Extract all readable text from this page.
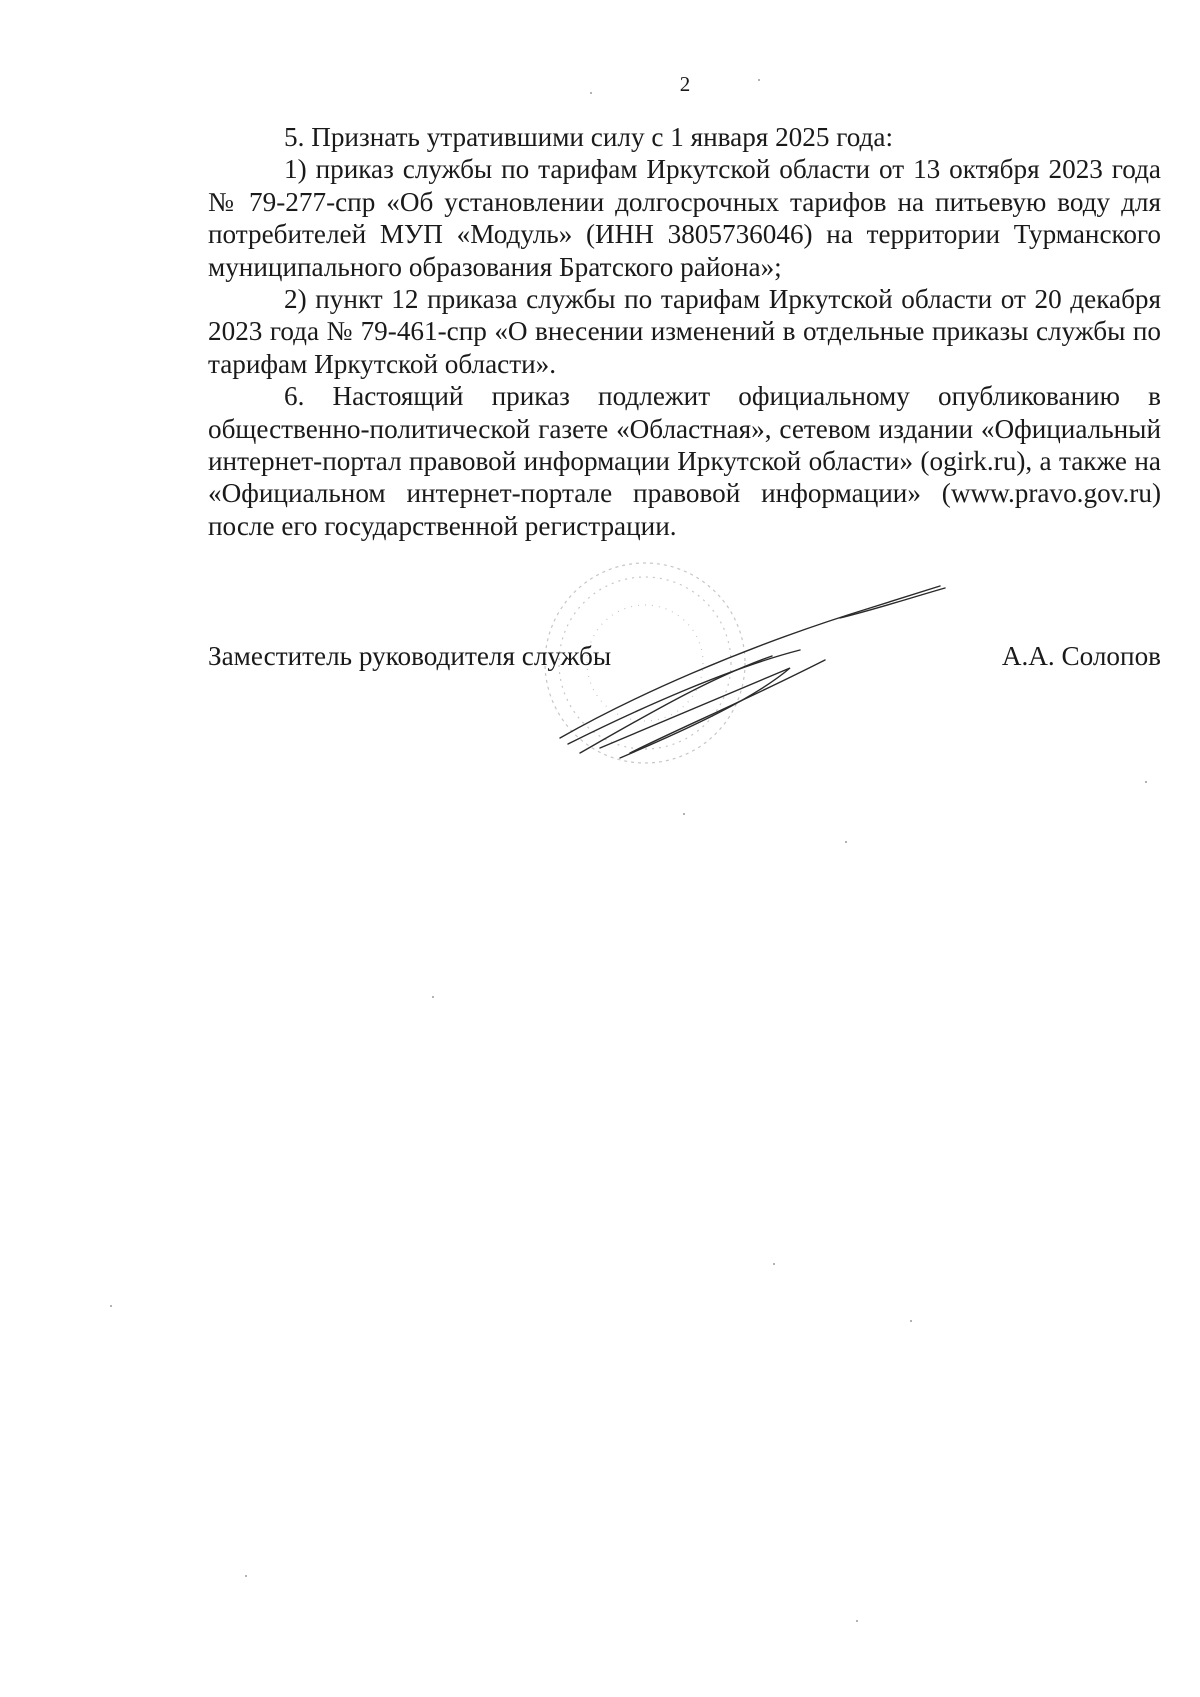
2

5. Признать утратившими силу с 1 января 2025 года:

1) приказ службы по тарифам Иркутской области от 13 октября 2023 года № 79-277-спр «Об установлении долгосрочных тарифов на питьевую воду для потребителей МУП «Модуль» (ИНН 3805736046) на территории Турманского муниципального образования Братского района»;

2) пункт 12 приказа службы по тарифам Иркутской области от 20 декабря 2023 года № 79-461-спр «О внесении изменений в отдельные приказы службы по тарифам Иркутской области».

6. Настоящий приказ подлежит официальному опубликованию в общественно-политической газете «Областная», сетевом издании «Официальный интернет-портал правовой информации Иркутской области» (ogirk.ru), а также на «Официальном интернет-портале правовой информации» (www.pravo.gov.ru) после его государственной регистрации.

Заместитель руководителя службы	А.А. Солопов
